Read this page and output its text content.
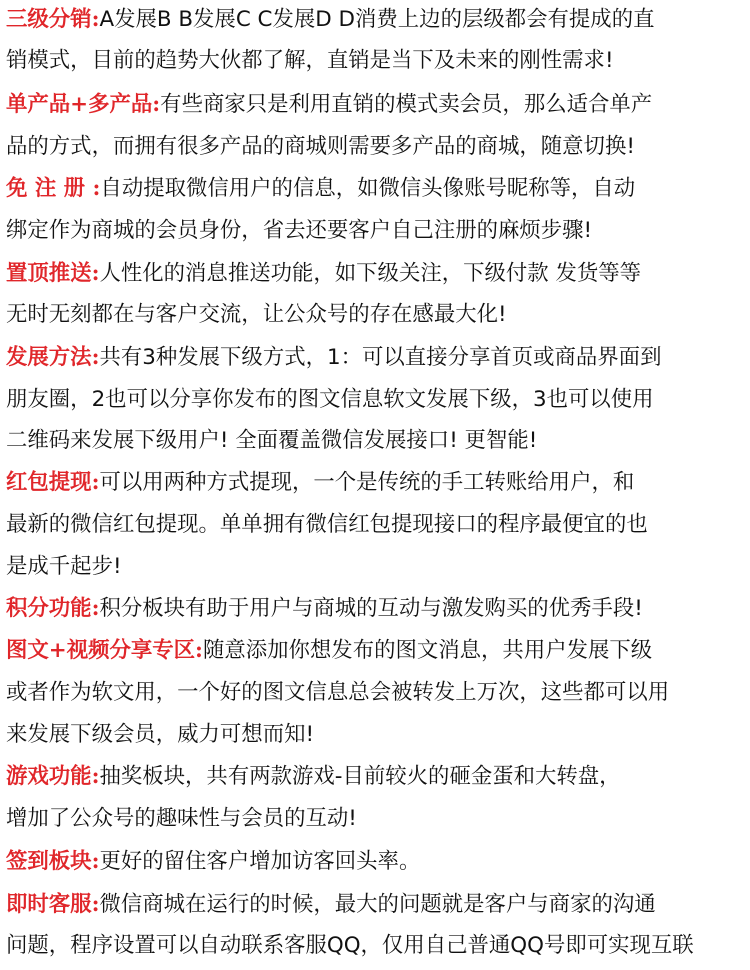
三级分销:A发展B B发展C C发展D D消费上边的层级都会有提成的直
销模式，目前的趋势大伙都了解，直销是当下及未来的刚性需求!
单产品+多产品:有些商家只是利用直销的模式卖会员，那么适合单产
品的方式，而拥有很多产品的商城则需要多产品的商城，随意切换!
免 注 册 :自动提取微信用户的信息，如微信头像账号昵称等，自动
绑定作为商城的会员身份，省去还要客户自己注册的麻烦步骤!
置顶推送:人性化的消息推送功能，如下级关注，下级付款 发货等等
无时无刻都在与客户交流，让公众号的存在感最大化!
发展方法:共有3种发展下级方式，1：可以直接分享首页或商品界面到
朋友圈，2也可以分享你发布的图文信息软文发展下级，3也可以使用
二维码来发展下级用户! 全面覆盖微信发展接口! 更智能!
红包提现:可以用两种方式提现，一个是传统的手工转账给用户，和
最新的微信红包提现。单单拥有微信红包提现接口的程序最便宜的也
是成千起步!
积分功能:积分板块有助于用户与商城的互动与激发购买的优秀手段!
图文+视频分享专区:随意添加你想发布的图文消息，共用户发展下级
或者作为软文用，一个好的图文信息总会被转发上万次，这些都可以用
来发展下级会员，威力可想而知!
游戏功能:抽奖板块，共有两款游戏-目前较火的砸金蛋和大转盘，
增加了公众号的趣味性与会员的互动!
签到板块:更好的留住客户增加访客回头率。
即时客服:微信商城在运行的时候，最大的问题就是客户与商家的沟通
问题，程序设置可以自动联系客服QQ，仅用自己普通QQ号即可实现互联
